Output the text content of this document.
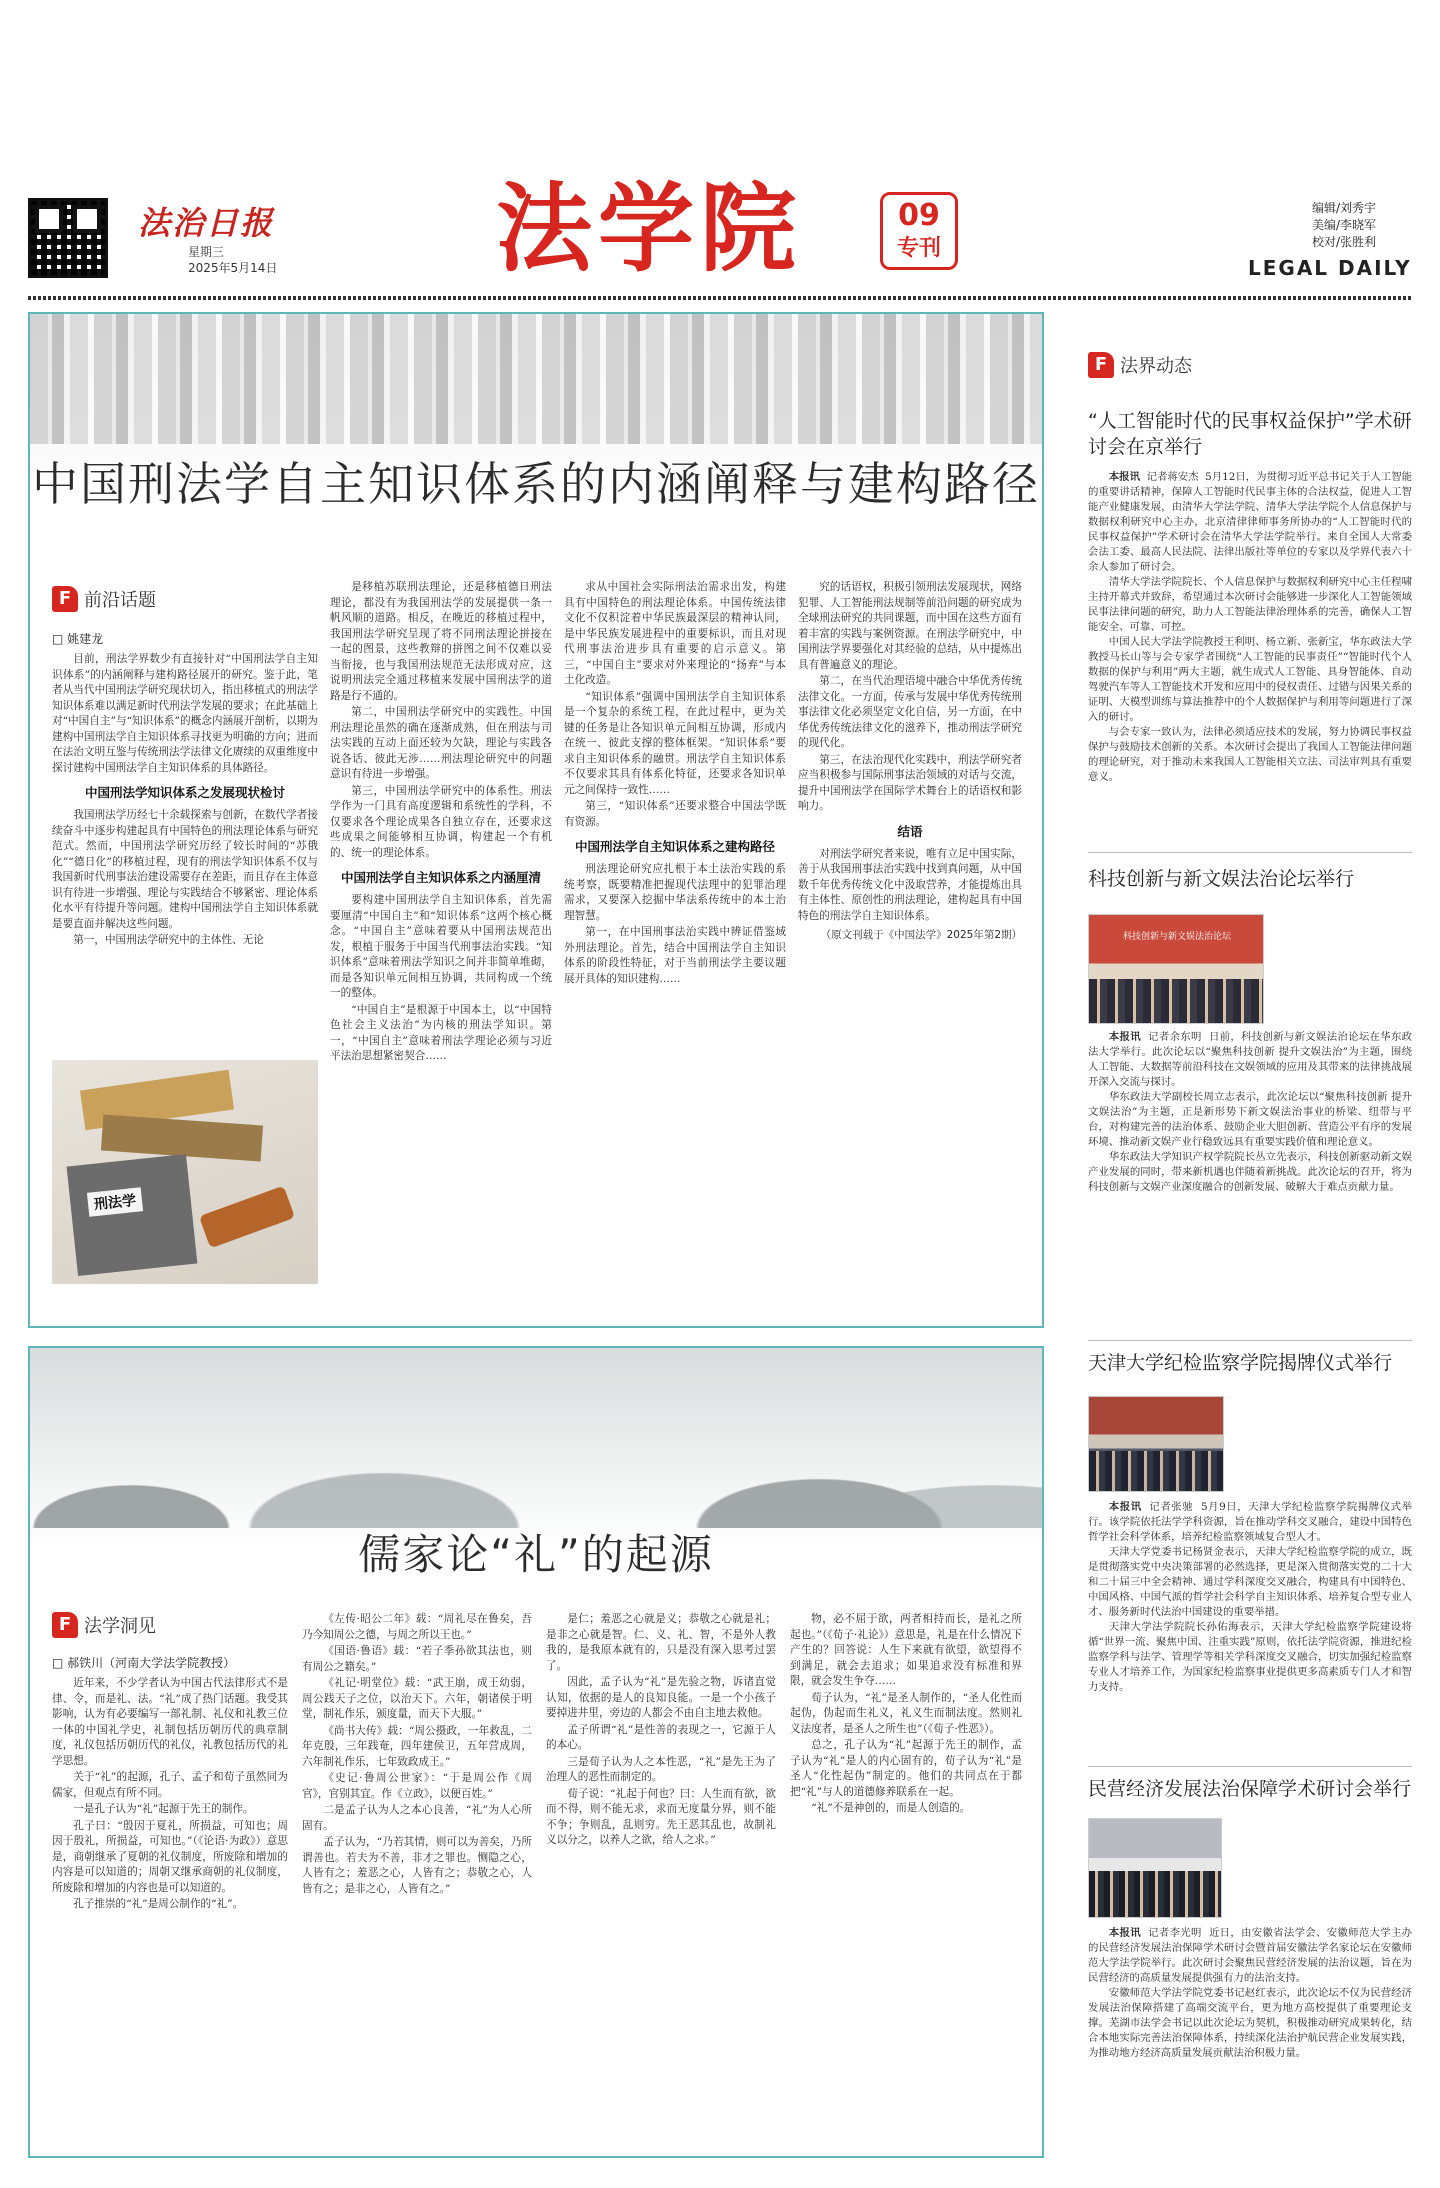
法治日报
星期三
2025年5月14日 法学院	09
专刊
编辑/刘秀宇
美编/李晓军
校对/张胜利
LEGAL DAILY
中国刑法学自主知识体系的内涵阐释与建构路径
F 前沿话题
□ 姚建龙

目前，刑法学界数少有直接针对“中国刑法学自主知识体系”的内涵阐释与建构路径展开的研究。鉴于此，笔者从当代中国刑法学研究现状切入，指出移植式的刑法学知识体系难以满足新时代刑法学发展的要求；在此基础上对“中国自主”与“知识体系”的概念内涵展开剖析，以期为建构中国刑法学自主知识体系寻找更为明确的方向；进而在法治文明互鉴与传统刑法学法律文化赓续的双重维度中探讨建构中国刑法学自主知识体系的具体路径。

中国刑法学知识体系之发展现状检讨

我国刑法学历经七十余载探索与创新，在数代学者接续奋斗中逐步构建起具有中国特色的刑法理论体系与研究范式。然而，中国刑法学研究历经了较长时间的“苏俄化”“德日化”的移植过程，现有的刑法学知识体系不仅与我国新时代刑事法治建设需要存在差距，而且存在主体意识有待进一步增强、理论与实践结合不够紧密、理论体系化水平有待提升等问题。建构中国刑法学自主知识体系就是要直面并解决这些问题。

第一，中国刑法学研究中的主体性、无论

刑法学

是移植苏联刑法理论，还是移植德日刑法理论，都没有为我国刑法学的发展提供一条一帆风顺的道路。相反，在晚近的移植过程中，我国刑法学研究呈现了将不同刑法理论拼接在一起的图景，这些教辩的拼图之间不仅难以妥当衔接，也与我国刑法规范无法形成对应，这说明刑法完全通过移植来发展中国刑法学的道路是行不通的。

第二，中国刑法学研究中的实践性。中国刑法理论虽然的确在逐渐成熟，但在刑法与司法实践的互动上面还较为欠缺，理论与实践各说各话、彼此无涉……刑法理论研究中的问题意识有待进一步增强。

第三，中国刑法学研究中的体系性。刑法学作为一门具有高度逻辑和系统性的学科，不仅要求各个理论成果各自独立存在，还要求这些成果之间能够相互协调，构建起一个有机的、统一的理论体系。

中国刑法学自主知识体系之内涵厘清

要构建中国刑法学自主知识体系，首先需要厘清“中国自主”和“知识体系”这两个核心概念。“中国自主”意味着要从中国刑法规范出发，根植于服务于中国当代刑事法治实践。“知识体系”意味着刑法学知识之间并非简单堆砌，而是各知识单元间相互协调，共同构成一个统一的整体。

“中国自主”是根源于中国本土，以“中国特色社会主义法治”为内核的刑法学知识。第一，“中国自主”意味着刑法学理论必须与习近平法治思想紧密契合……

求从中国社会实际刑法治需求出发，构建具有中国特色的刑法理论体系。中国传统法律文化不仅积淀着中华民族最深层的精神认同，是中华民族发展进程中的重要标识，而且对现代刑事法治进步具有重要的启示意义。第三，“中国自主”要求对外来理论的“扬弃”与本土化改造。

“知识体系”强调中国刑法学自主知识体系是一个复杂的系统工程，在此过程中，更为关键的任务是让各知识单元间相互协调，形成内在统一、彼此支撑的整体框架。“知识体系”要求自主知识体系的融贯。刑法学自主知识体系不仅要求其具有体系化特征，还要求各知识单元之间保持一致性……

第三，“知识体系”还要求整合中国法学既有资源。

中国刑法学自主知识体系之建构路径

刑法理论研究应扎根于本土法治实践的系统考察，既要精准把握现代法理中的犯罪治理需求，又要深入挖掘中华法系传统中的本土治理智慧。

第一，在中国刑事法治实践中辨证借鉴域外刑法理论。首先，结合中国刑法学自主知识体系的阶段性特征，对于当前刑法学主要议题展开具体的知识建构……

究的话语权，积极引领刑法发展现状，网络犯罪、人工智能刑法规制等前沿问题的研究成为全球刑法研究的共同课题，而中国在这些方面有着丰富的实践与案例资源。在刑法学研究中，中国刑法学界要强化对其经验的总结，从中提炼出具有普遍意义的理论。

第二，在当代治理语境中融合中华优秀传统法律文化。一方面，传承与发展中华优秀传统刑事法律文化必须坚定文化自信，另一方面，在中华优秀传统法律文化的滋养下，推动刑法学研究的现代化。

第三，在法治现代化实践中，刑法学研究者应当积极参与国际刑事法治领域的对话与交流，提升中国刑法学在国际学术舞台上的话语权和影响力。

结语

对刑法学研究者来说，唯有立足中国实际，善于从我国刑事法治实践中找到真问题，从中国数千年优秀传统文化中汲取营养，才能提炼出具有主体性、原创性的刑法理论，建构起具有中国特色的刑法学自主知识体系。

（原文刊载于《中国法学》2025年第2期）
儒家论“礼”的起源
F 法学洞见
□ 郝铁川（河南大学法学院教授）

近年来，不少学者认为中国古代法律形式不是律、令，而是礼、法。“礼”成了热门话题。我受其影响，认为有必要编写一部礼制、礼仪和礼教三位一体的中国礼学史，礼制包括历朝历代的典章制度，礼仪包括历朝历代的礼仪，礼教包括历代的礼学思想。

关于“礼”的起源，孔子、孟子和荀子虽然同为儒家，但观点有所不同。

一是孔子认为“礼”起源于先王的制作。

孔子曰：“殷因于夏礼，所损益，可知也；周因于殷礼，所损益，可知也。”（《论语·为政》）意思是，商朝继承了夏朝的礼仪制度，所废除和增加的内容是可以知道的；周朝又继承商朝的礼仪制度，所废除和增加的内容也是可以知道的。

孔子推崇的“礼”是周公制作的“礼”。

《左传·昭公二年》载：“周礼尽在鲁矣，吾乃今知周公之德，与周之所以王也。”

《国语·鲁语》载：“若子季孙欲其法也，则有周公之籍矣。”

《礼记·明堂位》载：“武王崩，成王幼弱，周公践天子之位，以治天下。六年，朝诸侯于明堂，制礼作乐，颁度量，而天下大服。”

《尚书大传》载：“周公摄政，一年救乱，二年克殷，三年践奄，四年建侯卫，五年营成周，六年制礼作乐，七年致政成王。”

《史记·鲁周公世家》：“于是周公作《周官》，官别其宜。作《立政》，以便百姓。”

二是孟子认为人之本心良善，“礼”为人心所固有。

孟子认为，“乃若其情，则可以为善矣，乃所谓善也。若夫为不善，非才之罪也。恻隐之心，人皆有之；羞恶之心，人皆有之；恭敬之心，人皆有之；是非之心，人皆有之。”

是仁；羞恶之心就是义；恭敬之心就是礼；是非之心就是智。仁、义、礼、智，不是外人教我的，是我原本就有的，只是没有深入思考过罢了。

因此，孟子认为“礼”是先验之物，诉诸直觉认知，依据的是人的良知良能。一是一个小孩子要掉进井里，旁边的人都会不由自主地去救他。

孟子所谓“礼”是性善的表现之一，它源于人的本心。

三是荀子认为人之本性恶，“礼”是先王为了治理人的恶性而制定的。

荀子说：“礼起于何也？曰：人生而有欲，欲而不得，则不能无求，求而无度量分界，则不能不争；争则乱，乱则穷。先王恶其乱也，故制礼义以分之，以养人之欲，给人之求。”

物，必不屈于欲，两者相持而长，是礼之所起也。”（《荀子·礼论》）意思是，礼是在什么情况下产生的？回答说：人生下来就有欲望，欲望得不到满足，就会去追求；如果追求没有标准和界限，就会发生争夺……

荀子认为，“礼”是圣人制作的，“圣人化性而起伪，伪起而生礼义，礼义生而制法度。然则礼义法度者，是圣人之所生也”（《荀子·性恶》）。

总之，孔子认为“礼”起源于先王的制作，孟子认为“礼”是人的内心固有的，荀子认为“礼”是圣人“化性起伪”制定的。他们的共同点在于都把“礼”与人的道德修养联系在一起。

“礼”不是神创的，而是人创造的。

F 法界动态
“人工智能时代的民事权益保护”学术研讨会在京举行

本报讯 记者蒋安杰 5月12日，为贯彻习近平总书记关于人工智能的重要讲话精神，保障人工智能时代民事主体的合法权益，促进人工智能产业健康发展，由清华大学法学院、清华大学法学院个人信息保护与数据权利研究中心主办，北京清律律师事务所协办的“人工智能时代的民事权益保护”学术研讨会在清华大学法学院举行。来自全国人大常委会法工委、最高人民法院、法律出版社等单位的专家以及学界代表六十余人参加了研讨会。

清华大学法学院院长、个人信息保护与数据权利研究中心主任程啸主持开幕式并致辞，希望通过本次研讨会能够进一步深化人工智能领域民事法律问题的研究，助力人工智能法律治理体系的完善，确保人工智能安全、可靠、可控。

中国人民大学法学院教授王利明、杨立新、张新宝，华东政法大学教授马长山等与会专家学者围绕“人工智能的民事责任”“智能时代个人数据的保护与利用”两大主题，就生成式人工智能、具身智能体、自动驾驶汽车等人工智能技术开发和应用中的侵权责任、过错与因果关系的证明、大模型训练与算法推荐中的个人数据保护与利用等问题进行了深入的研讨。

与会专家一致认为，法律必须适应技术的发展，努力协调民事权益保护与鼓励技术创新的关系。本次研讨会提出了我国人工智能法律问题的理论研究，对于推动未来我国人工智能相关立法、司法审判具有重要意义。

科技创新与新文娱法治论坛举行
科技创新与新文娱法治论坛

本报讯 记者余东明 日前，科技创新与新文娱法治论坛在华东政法大学举行。此次论坛以“聚焦科技创新 提升文娱法治”为主题，围绕人工智能、大数据等前沿科技在文娱领域的应用及其带来的法律挑战展开深入交流与探讨。

华东政法大学副校长周立志表示，此次论坛以“聚焦科技创新 提升文娱法治”为主题，正是新形势下新文娱法治事业的桥梁、纽带与平台，对构建完善的法治体系、鼓励企业大胆创新、营造公平有序的发展环境、推动新文娱产业行稳致远具有重要实践价值和理论意义。

华东政法大学知识产权学院院长丛立先表示，科技创新驱动新文娱产业发展的同时，带来新机遇也伴随着新挑战。此次论坛的召开，将为科技创新与文娱产业深度融合的创新发展、破解大于难点贡献力量。

天津大学纪检监察学院揭牌仪式举行

本报讯 记者张驰 5月9日，天津大学纪检监察学院揭牌仪式举行。该学院依托法学学科资源，旨在推动学科交叉融合，建设中国特色哲学社会科学体系，培养纪检监察领域复合型人才。

天津大学党委书记杨贤金表示，天津大学纪检监察学院的成立，既是贯彻落实党中央决策部署的必然选择，更是深入贯彻落实党的二十大和二十届三中全会精神、通过学科深度交叉融合，构建具有中国特色、中国风格、中国气派的哲学社会科学自主知识体系、培养复合型专业人才、服务新时代法治中国建设的重要举措。

天津大学法学院院长孙佑海表示，天津大学纪检监察学院建设将循“世界一流、聚焦中国、注重实践”原则，依托法学院资源，推进纪检监察学科与法学、管理学等相关学科深度交叉融合，切实加强纪检监察专业人才培养工作，为国家纪检监察事业提供更多高素质专门人才和智力支持。

民营经济发展法治保障学术研讨会举行

本报讯 记者李光明 近日，由安徽省法学会、安徽师范大学主办的民营经济发展法治保障学术研讨会暨首届安徽法学名家论坛在安徽师范大学法学院举行。此次研讨会聚焦民营经济发展的法治议题，旨在为民营经济的高质量发展提供强有力的法治支持。

安徽师范大学法学院党委书记赵红表示，此次论坛不仅为民营经济发展法治保障搭建了高端交流平台，更为地方高校提供了重要理论支撑。芜湖市法学会书记以此次论坛为契机，积极推动研究成果转化，结合本地实际完善法治保障体系，持续深化法治护航民营企业发展实践，为推动地方经济高质量发展贡献法治积极力量。
